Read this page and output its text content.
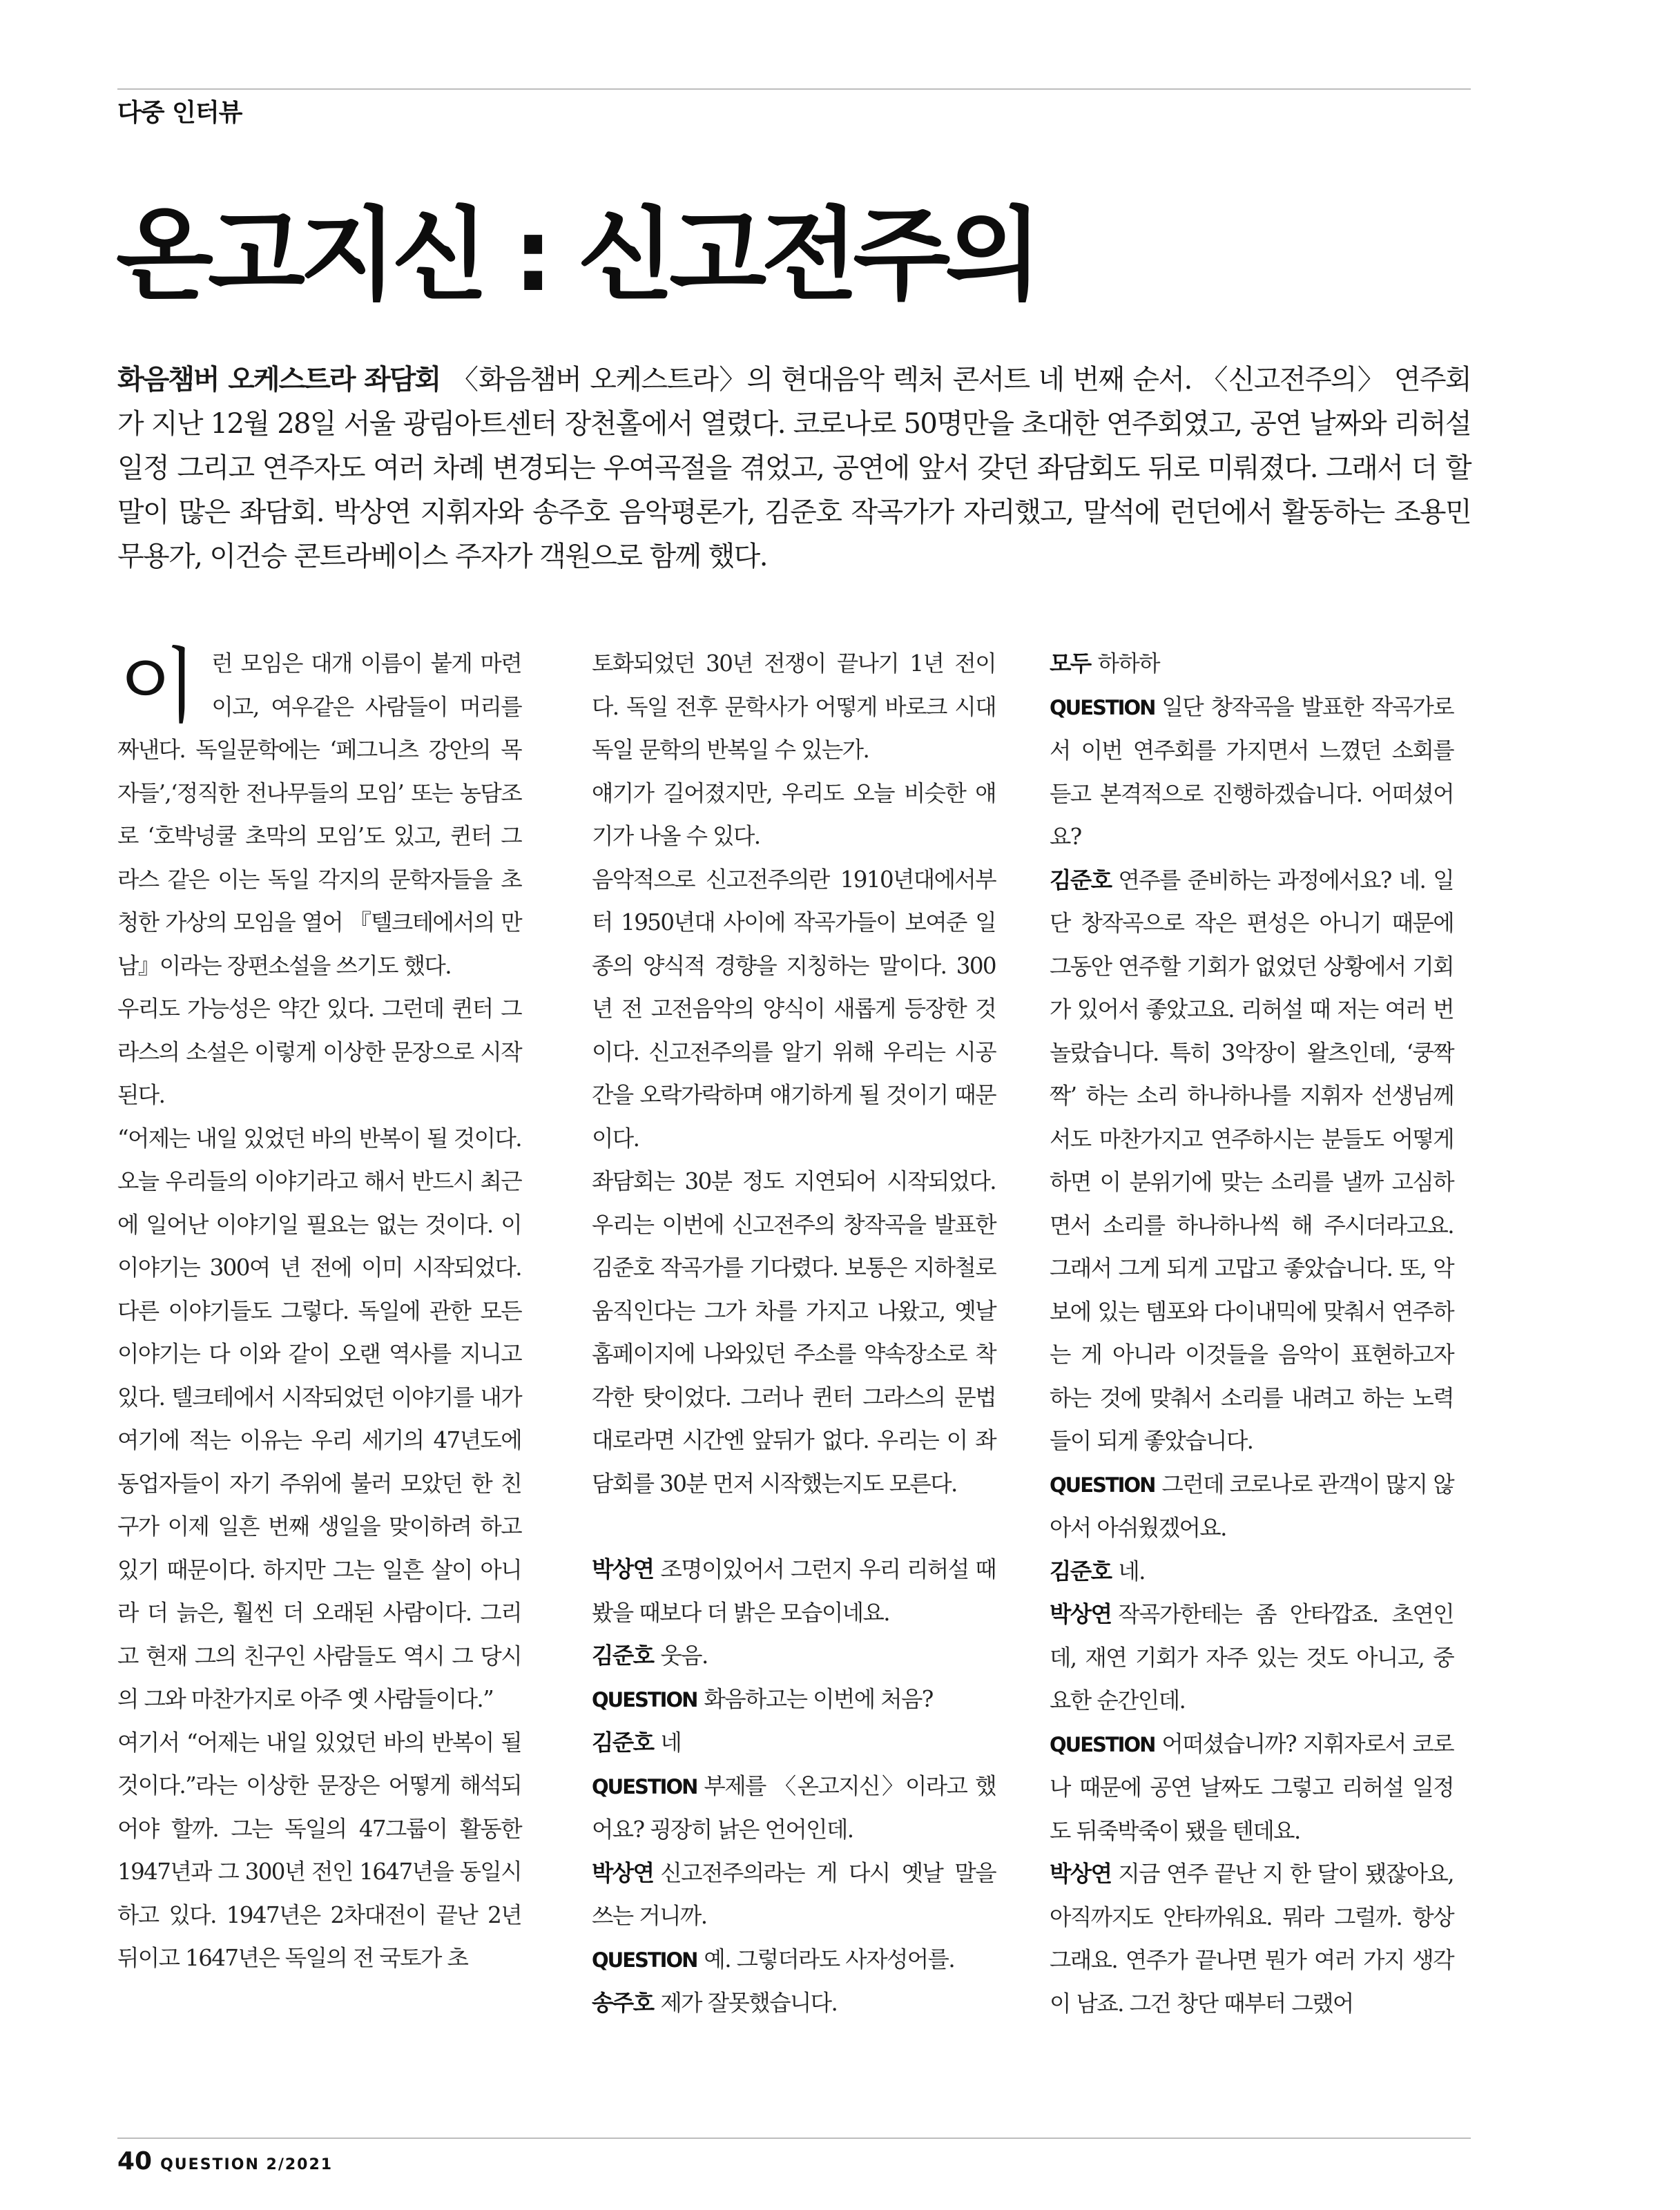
다중 인터뷰
온고지신 : 신고전주의
화음챔버 오케스트라 좌담회 〈화음챔버 오케스트라〉의 현대음악 렉처 콘서트 네 번째 순서. 〈신고전주의〉 연주회가 지난 12월 28일 서울 광림아트센터 장천홀에서 열렸다. 코로나로 50명만을 초대한 연주회였고, 공연 날짜와 리허설 일정 그리고 연주자도 여러 차례 변경되는 우여곡절을 겪었고, 공연에 앞서 갖던 좌담회도 뒤로 미뤄졌다. 그래서 더 할 말이 많은 좌담회. 박상연 지휘자와 송주호 음악평론가, 김준호 작곡가가 자리했고, 말석에 런던에서 활동하는 조용민 무용가, 이건승 콘트라베이스 주자가 객원으로 함께 했다.

이런 모임은 대개 이름이 붙게 마련이고, 여우같은 사람들이 머리를 짜낸다. 독일문학에는 ‘페그니츠 강안의 목자들’,‘정직한 전나무들의 모임’ 또는 농담조로 ‘호박넝쿨 초막의 모임’도 있고, 퀸터 그라스 같은 이는 독일 각지의 문학자들을 초청한 가상의 모임을 열어 『텔크테에서의 만남』이라는 장편소설을 쓰기도 했다.

우리도 가능성은 약간 있다. 그런데 퀸터 그라스의 소설은 이렇게 이상한 문장으로 시작된다.

“어제는 내일 있었던 바의 반복이 될 것이다. 오늘 우리들의 이야기라고 해서 반드시 최근에 일어난 이야기일 필요는 없는 것이다. 이 이야기는 300여 년 전에 이미 시작되었다. 다른 이야기들도 그렇다. 독일에 관한 모든 이야기는 다 이와 같이 오랜 역사를 지니고 있다. 텔크테에서 시작되었던 이야기를 내가 여기에 적는 이유는 우리 세기의 47년도에 동업자들이 자기 주위에 불러 모았던 한 친구가 이제 일흔 번째 생일을 맞이하려 하고 있기 때문이다. 하지만 그는 일흔 살이 아니라 더 늙은, 훨씬 더 오래된 사람이다. 그리고 현재 그의 친구인 사람들도 역시 그 당시의 그와 마찬가지로 아주 옛 사람들이다.”

여기서 “어제는 내일 있었던 바의 반복이 될 것이다.”라는 이상한 문장은 어떻게 해석되어야 할까. 그는 독일의 47그룹이 활동한 1947년과 그 300년 전인 1647년을 동일시하고 있다. 1947년은 2차대전이 끝난 2년 뒤이고 1647년은 독일의 전 국토가 초

토화되었던 30년 전쟁이 끝나기 1년 전이다. 독일 전후 문학사가 어떻게 바로크 시대 독일 문학의 반복일 수 있는가.

얘기가 길어졌지만, 우리도 오늘 비슷한 얘기가 나올 수 있다.

음악적으로 신고전주의란 1910년대에서부터 1950년대 사이에 작곡가들이 보여준 일종의 양식적 경향을 지칭하는 말이다. 300년 전 고전음악의 양식이 새롭게 등장한 것이다. 신고전주의를 알기 위해 우리는 시공간을 오락가락하며 얘기하게 될 것이기 때문이다.

좌담회는 30분 정도 지연되어 시작되었다. 우리는 이번에 신고전주의 창작곡을 발표한 김준호 작곡가를 기다렸다. 보통은 지하철로 움직인다는 그가 차를 가지고 나왔고, 옛날 홈페이지에 나와있던 주소를 약속장소로 착각한 탓이었다. 그러나 퀸터 그라스의 문법대로라면 시간엔 앞뒤가 없다. 우리는 이 좌담회를 30분 먼저 시작했는지도 모른다.

박상연 조명이있어서 그런지 우리 리허설 때 봤을 때보다 더 밝은 모습이네요.

김준호 웃음.

QUESTION 화음하고는 이번에 처음?

김준호 네

QUESTION 부제를 〈온고지신〉이라고 했어요? 굉장히 낡은 언어인데.

박상연 신고전주의라는 게 다시 옛날 말을 쓰는 거니까.

QUESTION 예. 그렇더라도 사자성어를.

송주호 제가 잘못했습니다.

모두 하하하

QUESTION 일단 창작곡을 발표한 작곡가로서 이번 연주회를 가지면서 느꼈던 소회를 듣고 본격적으로 진행하겠습니다. 어떠셨어요?

김준호 연주를 준비하는 과정에서요? 네. 일단 창작곡으로 작은 편성은 아니기 때문에 그동안 연주할 기회가 없었던 상황에서 기회가 있어서 좋았고요. 리허설 때 저는 여러 번 놀랐습니다. 특히 3악장이 왈츠인데, ‘쿵짝짝’ 하는 소리 하나하나를 지휘자 선생님께서도 마찬가지고 연주하시는 분들도 어떻게 하면 이 분위기에 맞는 소리를 낼까 고심하면서 소리를 하나하나씩 해 주시더라고요. 그래서 그게 되게 고맙고 좋았습니다. 또, 악보에 있는 템포와 다이내믹에 맞춰서 연주하는 게 아니라 이것들을 음악이 표현하고자 하는 것에 맞춰서 소리를 내려고 하는 노력들이 되게 좋았습니다.

QUESTION 그런데 코로나로 관객이 많지 않아서 아쉬웠겠어요.

김준호 네.

박상연 작곡가한테는 좀 안타깝죠. 초연인데, 재연 기회가 자주 있는 것도 아니고, 중요한 순간인데.

QUESTION 어떠셨습니까? 지휘자로서 코로나 때문에 공연 날짜도 그렇고 리허설 일정도 뒤죽박죽이 됐을 텐데요.

박상연 지금 연주 끝난 지 한 달이 됐잖아요, 아직까지도 안타까워요. 뭐라 그럴까. 항상 그래요. 연주가 끝나면 뭔가 여러 가지 생각이 남죠. 그건 창단 때부터 그랬어

40 QUESTION 2/2021
